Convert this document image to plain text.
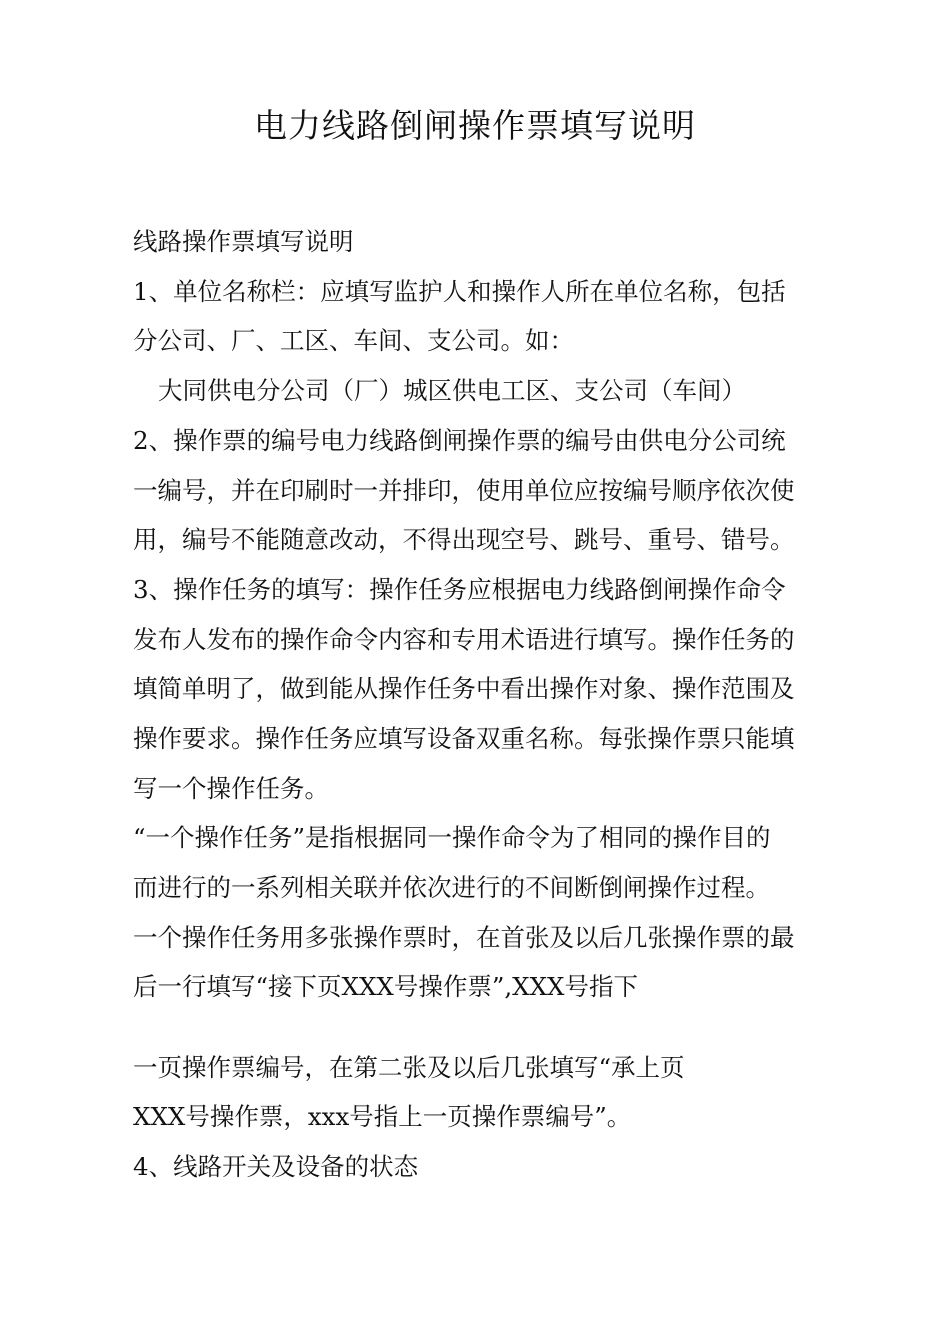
电力线路倒闸操作票填写说明
线路操作票填写说明
1、单位名称栏：应填写监护人和操作人所在单位名称，包括
分公司、厂、工区、车间、支公司。如：
大同供电分公司（厂）城区供电工区、支公司（车间）
2、操作票的编号电力线路倒闸操作票的编号由供电分公司统
一编号，并在印刷时一并排印，使用单位应按编号顺序依次使
用，编号不能随意改动，不得出现空号、跳号、重号、错号。
3、操作任务的填写：操作任务应根据电力线路倒闸操作命令
发布人发布的操作命令内容和专用术语进行填写。操作任务的
填简单明了，做到能从操作任务中看出操作对象、操作范围及
操作要求。操作任务应填写设备双重名称。每张操作票只能填
写一个操作任务。
“一个操作任务”是指根据同一操作命令为了相同的操作目的
而进行的一系列相关联并依次进行的不间断倒闸操作过程。
一个操作任务用多张操作票时，在首张及以后几张操作票的最
后一行填写“接下页XXX号操作票”,XXX号指下
一页操作票编号，在第二张及以后几张填写“承上页
XXX号操作票，xxx号指上一页操作票编号”。
4、线路开关及设备的状态
